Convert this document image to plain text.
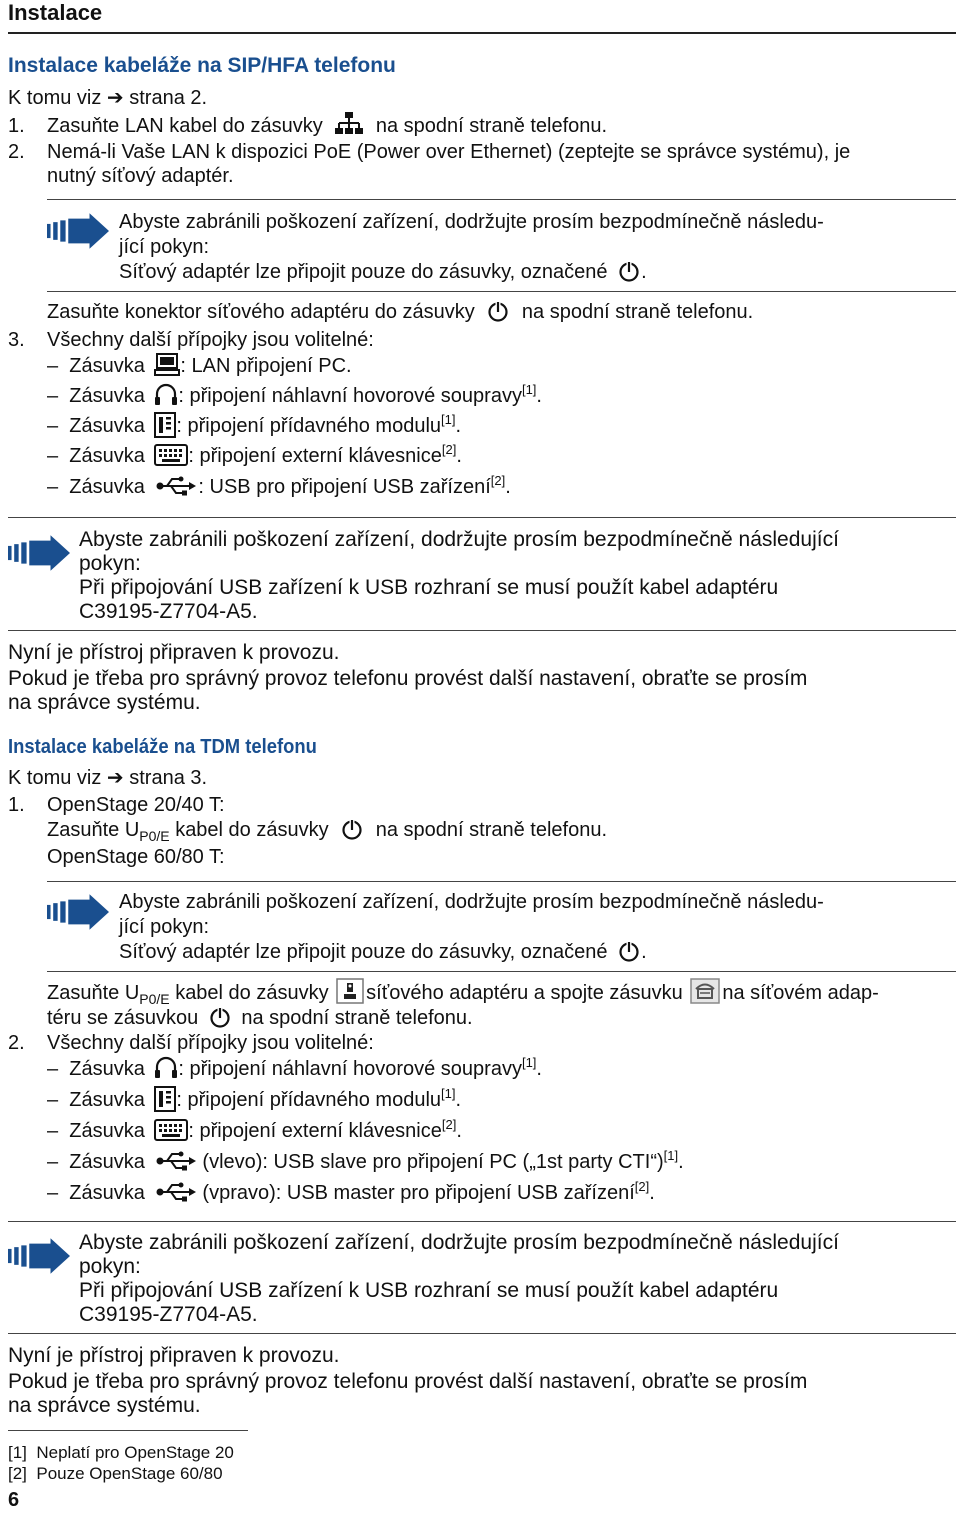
Instalace
Instalace kabeláže na SIP/HFA telefonu
K tomu viz ➔ strana 2.
1. Zasuňte LAN kabel do zásuvky	na spodní straně telefonu.
2. Nemá-li Vaše LAN k dispozici PoE (Power over Ethernet) (zeptejte se správce systému), je
nutný síťový adaptér.
Abyste zabránili poškození zařízení, dodržujte prosím bezpodmínečně následu-
jící pokyn:
Síťový adaptér lze připojit pouze do zásuvky, označené .
Zasuňte konektor síťového adaptéru do zásuvky na spodní straně telefonu.
3. Všechny další přípojky jsou volitelné:
– Zásuvka : LAN připojení PC.
– Zásuvka : připojení náhlavní hovorové soupravy[1].
– Zásuvka : připojení přídavného modulu[1].
– Zásuvka : připojení externí klávesnice[2].
– Zásuvka	: USB pro připojení USB zařízení[2].
Abyste zabránili poškození zařízení, dodržujte prosím bezpodmínečně následující
pokyn:
Při připojování USB zařízení k USB rozhraní se musí použít kabel adaptéru
C39195-Z7704-A5.
Nyní je přístroj připraven k provozu.
Pokud je třeba pro správný provoz telefonu provést další nastavení, obraťte se prosím
na správce systému.
Instalace kabeláže na TDM telefonu
K tomu viz ➔ strana 3.
1. OpenStage 20/40 T:
Zasuňte $U_{P0/E}$ kabel do zásuvky na spodní straně telefonu.
OpenStage 60/80 T:
Abyste zabránili poškození zařízení, dodržujte prosím bezpodmínečně následu-
jící pokyn:
Síťový adaptér lze připojit pouze do zásuvky, označené .
Zasuňte $U_{P0/E}$ kabel do zásuvky síťového adaptéru a spojte zásuvku na síťovém adap-
téru se zásuvkou na spodní straně telefonu.
2. Všechny další přípojky jsou volitelné:
– Zásuvka : připojení náhlavní hovorové soupravy[1].
– Zásuvka : připojení přídavného modulu[1].
– Zásuvka : připojení externí klávesnice[2].
– Zásuvka	(vlevo): USB slave pro připojení PC („1st party CTI“)[1].
– Zásuvka	(vpravo): USB master pro připojení USB zařízení[2].
Abyste zabránili poškození zařízení, dodržujte prosím bezpodmínečně následující
pokyn:
Při připojování USB zařízení k USB rozhraní se musí použít kabel adaptéru
C39195-Z7704-A5.
Nyní je přístroj připraven k provozu.
Pokud je třeba pro správný provoz telefonu provést další nastavení, obraťte se prosím
na správce systému.
[1] Neplatí pro OpenStage 20
[2] Pouze OpenStage 60/80
6
